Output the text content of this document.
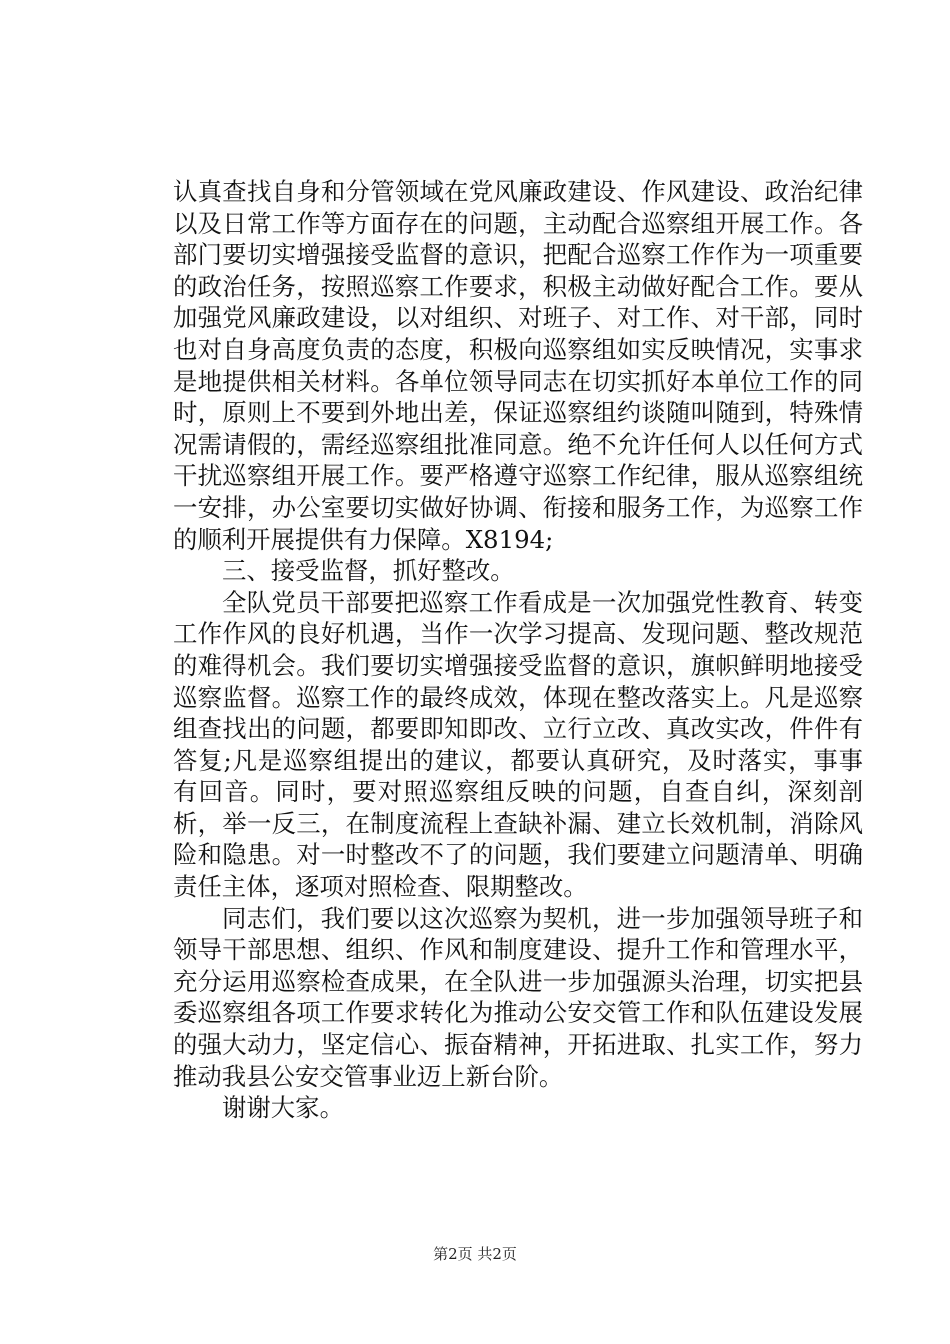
认真查找自身和分管领域在党风廉政建设、作风建设、政治纪律以及日常工作等方面存在的问题，主动配合巡察组开展工作。各部门要切实增强接受监督的意识，把配合巡察工作作为一项重要的政治任务，按照巡察工作要求，积极主动做好配合工作。要从加强党风廉政建设，以对组织、对班子、对工作、对干部，同时也对自身高度负责的态度，积极向巡察组如实反映情况，实事求是地提供相关材料。各单位领导同志在切实抓好本单位工作的同时，原则上不要到外地出差，保证巡察组约谈随叫随到，特殊情况需请假的，需经巡察组批准同意。绝不允许任何人以任何方式干扰巡察组开展工作。要严格遵守巡察工作纪律，服从巡察组统一安排，办公室要切实做好协调、衔接和服务工作，为巡察工作的顺利开展提供有力保障。X8194;

三、接受监督，抓好整改。

全队党员干部要把巡察工作看成是一次加强党性教育、转变工作作风的良好机遇，当作一次学习提高、发现问题、整改规范的难得机会。我们要切实增强接受监督的意识，旗帜鲜明地接受巡察监督。巡察工作的最终成效，体现在整改落实上。凡是巡察组查找出的问题，都要即知即改、立行立改、真改实改，件件有答复;凡是巡察组提出的建议，都要认真研究，及时落实，事事有回音。同时，要对照巡察组反映的问题，自查自纠，深刻剖析，举一反三，在制度流程上查缺补漏、建立长效机制，消除风险和隐患。对一时整改不了的问题，我们要建立问题清单、明确责任主体，逐项对照检查、限期整改。

同志们，我们要以这次巡察为契机，进一步加强领导班子和领导干部思想、组织、作风和制度建设、提升工作和管理水平，充分运用巡察检查成果，在全队进一步加强源头治理，切实把县委巡察组各项工作要求转化为推动公安交管工作和队伍建设发展的强大动力，坚定信心、振奋精神，开拓进取、扎实工作，努力推动我县公安交管事业迈上新台阶。

谢谢大家。

第2页 共2页
